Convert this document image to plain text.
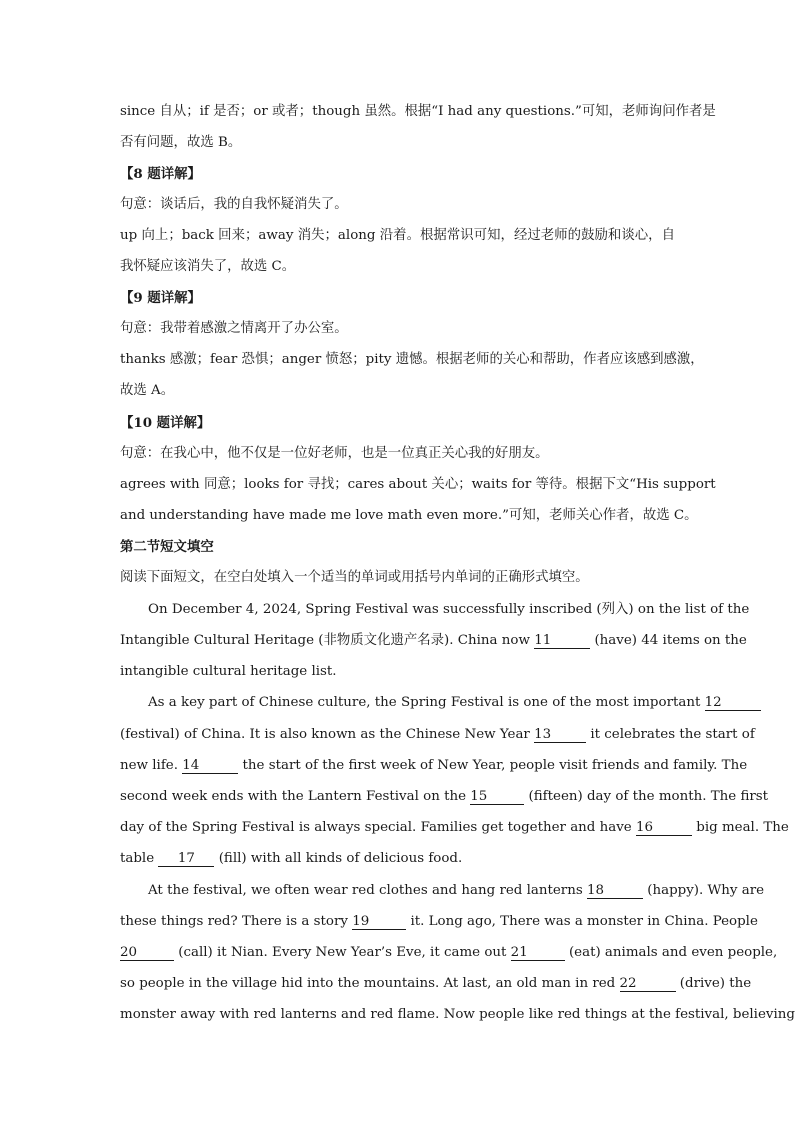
since 自从；if 是否；or 或者；though 虽然。根据“I had any questions.”可知，老师询问作者是
否有问题，故选 B。
【8 题详解】
句意：谈话后，我的自我怀疑消失了。
up 向上；back 回来；away 消失；along 沿着。根据常识可知，经过老师的鼓励和谈心，自
我怀疑应该消失了，故选 C。
【9 题详解】
句意：我带着感激之情离开了办公室。
thanks 感激；fear 恐惧；anger 愤怒；pity 遗憾。根据老师的关心和帮助，作者应该感到感激，
故选 A。
【10 题详解】
句意：在我心中，他不仅是一位好老师，也是一位真正关心我的好朋友。
agrees with 同意；looks for 寻找；cares about 关心；waits for 等待。根据下文“His support
and understanding have made me love math even more.”可知，老师关心作者，故选 C。
第二节短文填空
阅读下面短文，在空白处填入一个适当的单词或用括号内单词的正确形式填空。
On December 4, 2024, Spring Festival was successfully inscribed (列入) on the list of the
Intangible Cultural Heritage (非物质文化遗产名录). China now 11	(have) 44 items on the
intangible cultural heritage list.
As a key part of Chinese culture, the Spring Festival is one of the most important 12
(festival) of China. It is also known as the Chinese New Year 13	it celebrates the start of
new life. 14	the start of the first week of New Year, people visit friends and family. The
second week ends with the Lantern Festival on the 15	(fifteen) day of the month. The first
day of the Spring Festival is always special. Families get together and have 16	big meal. The
table 17 (fill) with all kinds of delicious food.
At the festival, we often wear red clothes and hang red lanterns 18	(happy). Why are
these things red? There is a story 19	it. Long ago, There was a monster in China. People
20	(call) it Nian. Every New Year’s Eve, it came out 21	(eat) animals and even people,
so people in the village hid into the mountains. At last, an old man in red 22	(drive) the
monster away with red lanterns and red flame. Now people like red things at the festival, believing
